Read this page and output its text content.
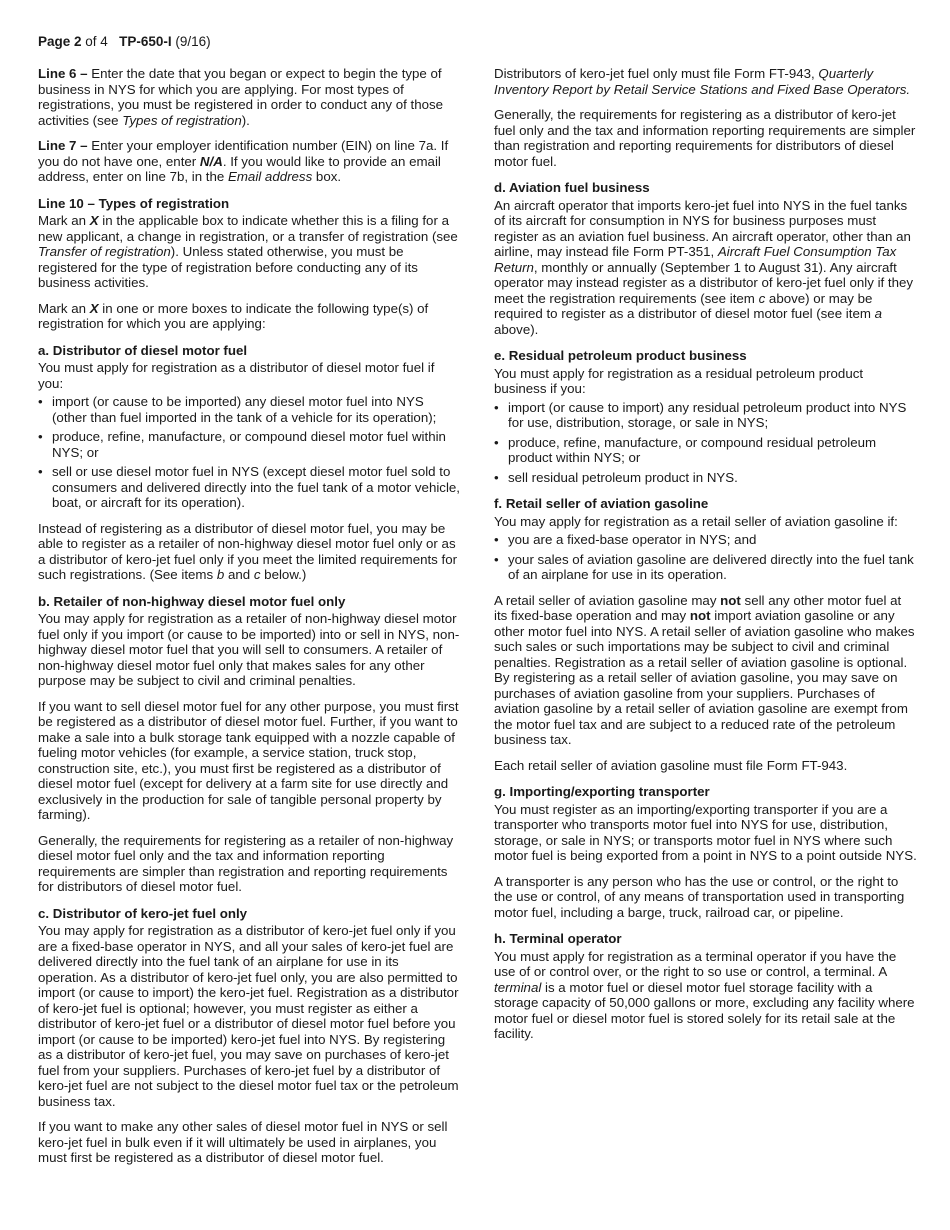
Page 2 of 4 TP-650-I (9/16)

Line 6 – Enter the date that you began or expect to begin the type of business in NYS for which you are applying. For most types of registrations, you must be registered in order to conduct any of those activities (see Types of registration).

Line 7 – Enter your employer identification number (EIN) on line 7a. If you do not have one, enter N/A. If you would like to provide an email address, enter on line 7b, in the Email address box.

Line 10 – Types of registration

Mark an X in the applicable box to indicate whether this is a filing for a new applicant, a change in registration, or a transfer of registration (see Transfer of registration). Unless stated otherwise, you must be registered for the type of registration before conducting any of its business activities.

Mark an X in one or more boxes to indicate the following type(s) of registration for which you are applying:

a. Distributor of diesel motor fuel

You must apply for registration as a distributor of diesel motor fuel if you:

• import (or cause to be imported) any diesel motor fuel into NYS (other than fuel imported in the tank of a vehicle for its operation);
• produce, refine, manufacture, or compound diesel motor fuel within NYS; or
• sell or use diesel motor fuel in NYS (except diesel motor fuel sold to consumers and delivered directly into the fuel tank of a motor vehicle, boat, or aircraft for its operation).

Instead of registering as a distributor of diesel motor fuel, you may be able to register as a retailer of non-highway diesel motor fuel only or as a distributor of kero-jet fuel only if you meet the limited requirements for such registrations. (See items b and c below.)

b. Retailer of non-highway diesel motor fuel only

You may apply for registration as a retailer of non-highway diesel motor fuel only if you import (or cause to be imported) into or sell in NYS, non-highway diesel motor fuel that you will sell to consumers. A retailer of non-highway diesel motor fuel only that makes sales for any other purpose may be subject to civil and criminal penalties.

If you want to sell diesel motor fuel for any other purpose, you must first be registered as a distributor of diesel motor fuel. Further, if you want to make a sale into a bulk storage tank equipped with a nozzle capable of fueling motor vehicles (for example, a service station, truck stop, construction site, etc.), you must first be registered as a distributor of diesel motor fuel (except for delivery at a farm site for use directly and exclusively in the production for sale of tangible personal property by farming).

Generally, the requirements for registering as a retailer of non-highway diesel motor fuel only and the tax and information reporting requirements are simpler than registration and reporting requirements for distributors of diesel motor fuel.

c. Distributor of kero-jet fuel only

You may apply for registration as a distributor of kero-jet fuel only if you are a fixed-base operator in NYS, and all your sales of kero-jet fuel are delivered directly into the fuel tank of an airplane for use in its operation. As a distributor of kero-jet fuel only, you are also permitted to import (or cause to import) the kero-jet fuel. Registration as a distributor of kero-jet fuel is optional; however, you must register as either a distributor of kero-jet fuel or a distributor of diesel motor fuel before you import (or cause to be imported) kero-jet fuel into NYS. By registering as a distributor of kero-jet fuel, you may save on purchases of kero-jet fuel from your suppliers. Purchases of kero-jet fuel by a distributor of kero-jet fuel are not subject to the diesel motor fuel tax or the petroleum business tax.

If you want to make any other sales of diesel motor fuel in NYS or sell kero-jet fuel in bulk even if it will ultimately be used in airplanes, you must first be registered as a distributor of diesel motor fuel.

Distributors of kero-jet fuel only must file Form FT-943, Quarterly Inventory Report by Retail Service Stations and Fixed Base Operators.

Generally, the requirements for registering as a distributor of kero-jet fuel only and the tax and information reporting requirements are simpler than registration and reporting requirements for distributors of diesel motor fuel.

d. Aviation fuel business

An aircraft operator that imports kero-jet fuel into NYS in the fuel tanks of its aircraft for consumption in NYS for business purposes must register as an aviation fuel business. An aircraft operator, other than an airline, may instead file Form PT-351, Aircraft Fuel Consumption Tax Return, monthly or annually (September 1 to August 31). Any aircraft operator may instead register as a distributor of kero-jet fuel only if they meet the registration requirements (see item c above) or may be required to register as a distributor of diesel motor fuel (see item a above).

e. Residual petroleum product business

You must apply for registration as a residual petroleum product business if you:

• import (or cause to import) any residual petroleum product into NYS for use, distribution, storage, or sale in NYS;
• produce, refine, manufacture, or compound residual petroleum product within NYS; or
• sell residual petroleum product in NYS.
f. Retail seller of aviation gasoline

You may apply for registration as a retail seller of aviation gasoline if:

• you are a fixed-base operator in NYS; and
• your sales of aviation gasoline are delivered directly into the fuel tank of an airplane for use in its operation.

A retail seller of aviation gasoline may not sell any other motor fuel at its fixed-base operation and may not import aviation gasoline or any other motor fuel into NYS. A retail seller of aviation gasoline who makes such sales or such importations may be subject to civil and criminal penalties. Registration as a retail seller of aviation gasoline is optional. By registering as a retail seller of aviation gasoline, you may save on purchases of aviation gasoline from your suppliers. Purchases of aviation gasoline by a retail seller of aviation gasoline are exempt from the motor fuel tax and are subject to a reduced rate of the petroleum business tax.

Each retail seller of aviation gasoline must file Form FT-943.

g. Importing/exporting transporter

You must register as an importing/exporting transporter if you are a transporter who transports motor fuel into NYS for use, distribution, storage, or sale in NYS; or transports motor fuel in NYS where such motor fuel is being exported from a point in NYS to a point outside NYS.

A transporter is any person who has the use or control, or the right to the use or control, of any means of transportation used in transporting motor fuel, including a barge, truck, railroad car, or pipeline.

h. Terminal operator

You must apply for registration as a terminal operator if you have the use of or control over, or the right to so use or control, a terminal. A terminal is a motor fuel or diesel motor fuel storage facility with a storage capacity of 50,000 gallons or more, excluding any facility where motor fuel or diesel motor fuel is stored solely for its retail sale at the facility.
